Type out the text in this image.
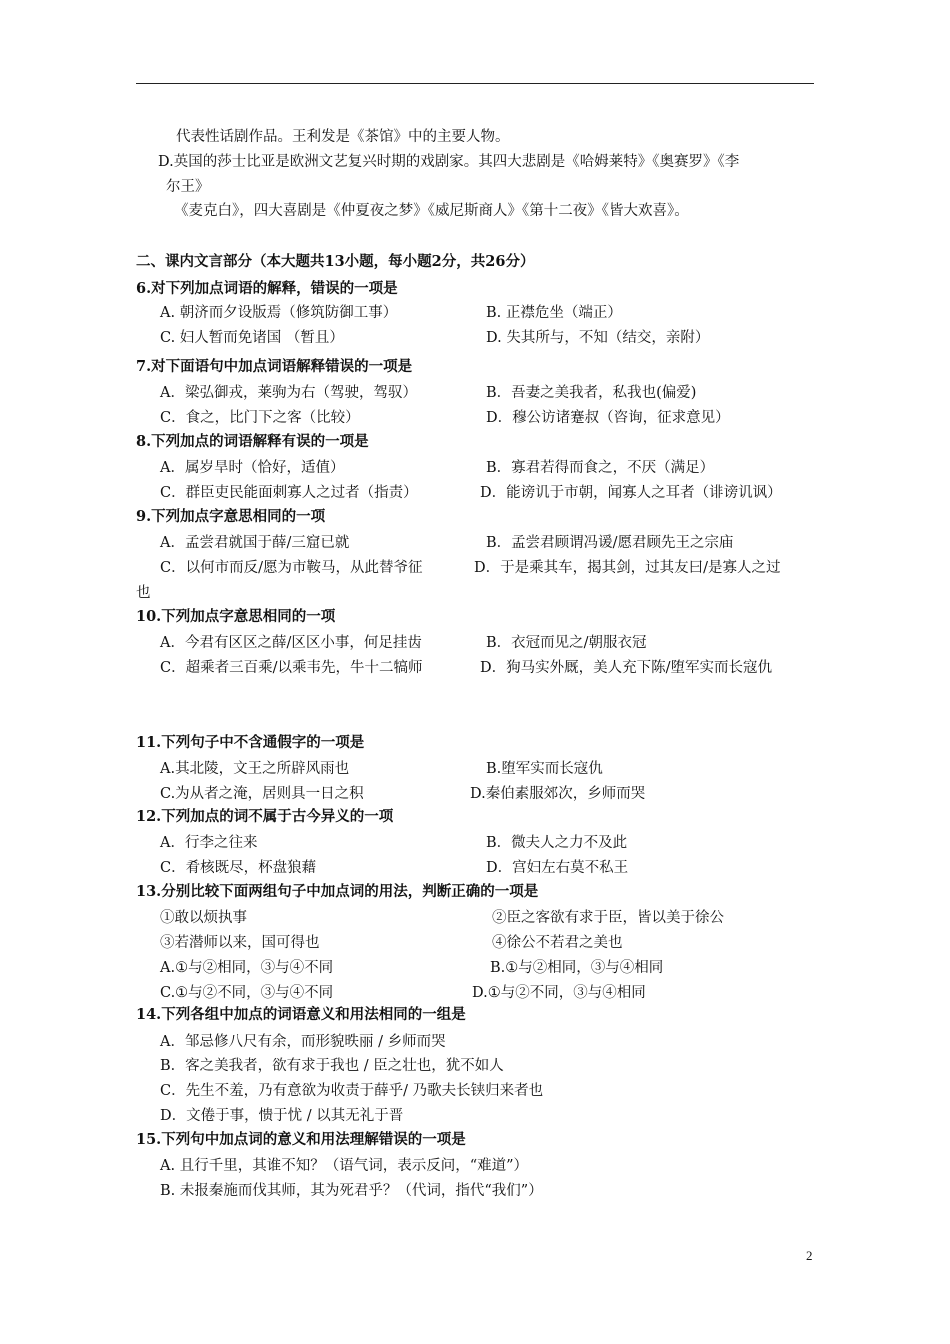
代表性话剧作品。王利发是《茶馆》中的主要人物。
D.英国的莎士比亚是欧洲文艺复兴时期的戏剧家。其四大悲剧是《哈姆莱特》《奥赛罗》《李
尔王》
《麦克白》，四大喜剧是《仲夏夜之梦》《威尼斯商人》《第十二夜》《皆大欢喜》。
二、课内文言部分（本大题共13小题，每小题2分，共26分）
6.对下列加点词语的解释，错误的一项是
A. 朝济而夕设版焉（修筑防御工事）	B. 正襟危坐（端正）
C. 妇人暂而免诸国 （暂且）	D. 失其所与，不知（结交，亲附）
7.对下面语句中加点词语解释错误的一项是
A．梁弘御戎，莱驹为右（驾驶，驾驭）	B．吾妻之美我者，私我也(偏爱)
C．食之，比门下之客（比较）	D．穆公访诸蹇叔（咨询，征求意见）
8.下列加点的词语解释有误的一项是
A．属岁旱时（恰好，适值）	B．寡君若得而食之，不厌（满足）
C．群臣吏民能面刺寡人之过者（指责）	D．能谤讥于市朝，闻寡人之耳者（诽谤讥讽）
9.下列加点字意思相同的一项
A．孟尝君就国于薛/三窟已就	B．孟尝君顾谓冯谖/愿君顾先王之宗庙
C．以何市而反/愿为市鞍马，从此替爷征	D．于是乘其车，揭其剑，过其友曰/是寡人之过
也
10.下列加点字意思相同的一项
A．今君有区区之薛/区区小事，何足挂齿	B．衣冠而见之/朝服衣冠
C．超乘者三百乘/以乘韦先，牛十二犒师	D．狗马实外厩，美人充下陈/堕军实而长寇仇
11.下列句子中不含通假字的一项是
A.其北陵，文王之所辟风雨也	B.堕军实而长寇仇
C.为从者之淹，居则具一日之积	D.秦伯素服郊次，乡师而哭
12.下列加点的词不属于古今异义的一项
A．行李之往来	B．微夫人之力不及此
C．肴核既尽，杯盘狼藉	D．宫妇左右莫不私王
13.分别比较下面两组句子中加点词的用法，判断正确的一项是
①敢以烦执事	②臣之客欲有求于臣，皆以美于徐公
③若潜师以来，国可得也	④徐公不若君之美也
A.①与②相同，③与④不同	B.①与②相同，③与④相同
C.①与②不同，③与④不同	D.①与②不同，③与④相同
14.下列各组中加点的词语意义和用法相同的一组是
A．邹忌修八尺有余，而形貌昳丽 / 乡师而哭
B．客之美我者，欲有求于我也 / 臣之壮也，犹不如人
C．先生不羞，乃有意欲为收责于薛乎/ 乃歌夫长铗归来者也
D．文倦于事，愦于忧 / 以其无礼于晋
15.下列句中加点词的意义和用法理解错误的一项是
A. 且行千里，其谁不知？（语气词，表示反问，“难道”）
B. 未报秦施而伐其师，其为死君乎？（代词，指代“我们”）
2
